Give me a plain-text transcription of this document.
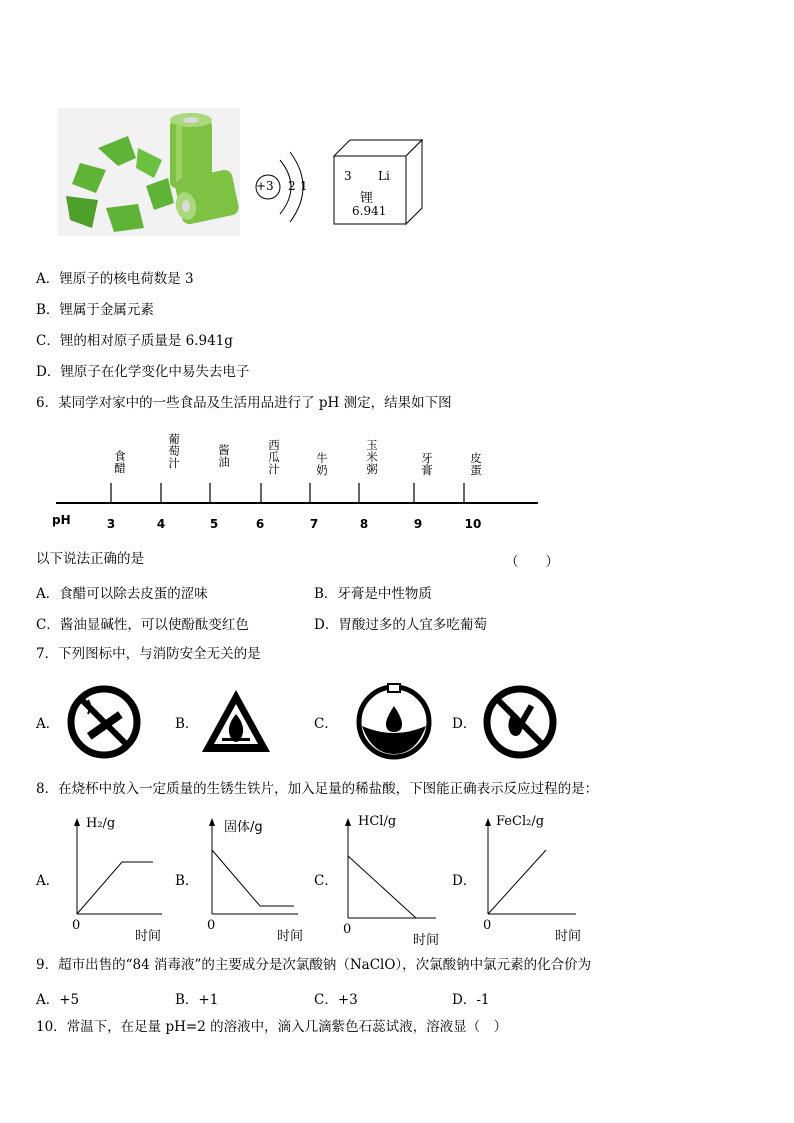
+3 2 1
3 Li
锂
6.941
A．锂原子的核电荷数是 3
B．锂属于金属元素
C．锂的相对原子质量是 6.941g
D．锂原子在化学变化中易失去电子
6．某同学对家中的一些食品及生活用品进行了 pH 测定，结果如下图
食
醋
葡
萄
汁
酱
油
西
瓜
汁
牛
奶
玉
米
粥
牙
膏
皮
蛋
pH	3	4	5	6	7	8	9	10
以下说法正确的是	（　　）
A．食醋可以除去皮蛋的涩味	B．牙膏是中性物质
C．酱油显碱性，可以使酚酞变红色	D．胃酸过多的人宜多吃葡萄
7．下列图标中，与消防安全无关的是
A．	B．	C．	D．
8．在烧杯中放入一定质量的生锈生铁片，加入足量的稀盐酸，下图能正确表示反应过程的是：
A．
H₂/g
0
时间
B．
固体/g
0
时间
C．
HCl/g
0
时间
D．
FeCl₂/g
0
时间
9．超市出售的“84 消毒液”的主要成分是次氯酸钠（NaClO），次氯酸钠中氯元素的化合价为
A．+5	B．+1	C．+3	D．-1
10．常温下，在足量 pH=2 的溶液中，滴入几滴紫色石蕊试液，溶液显（　）
